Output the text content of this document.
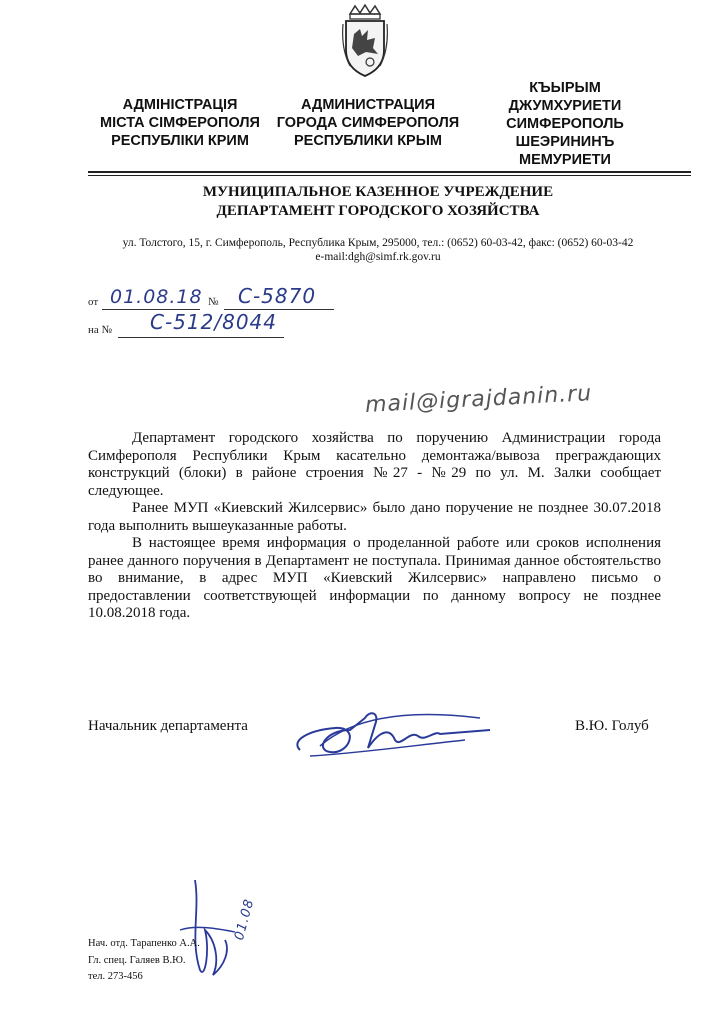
АДМІНІСТРАЦІЯ
МІСТА СІМФЕРОПОЛЯ
РЕСПУБЛІКИ КРИМ
АДМИНИСТРАЦИЯ
ГОРОДА СИМФЕРОПОЛЯ
РЕСПУБЛИКИ КРЫМ
КЪЫРЫМ
ДЖУМХУРИЕТИ
СИМФЕРОПОЛЬ
ШЕЭРИНИНЪ
МЕМУРИЕТИ
МУНИЦИПАЛЬНОЕ КАЗЕННОЕ УЧРЕЖДЕНИЕ
ДЕПАРТАМЕНТ ГОРОДСКОГО ХОЗЯЙСТВА
ул. Толстого, 15, г. Симферополь, Республика Крым, 295000, тел.: (0652) 60-03-42, факс: (0652) 60-03-42
e-mail:dgh@simf.rk.gov.ru
от 01.08.18 № С-5870
на № С-512/8044
mail@igrajdanin.ru

Департамент городского хозяйства по поручению Администрации города Симферополя Республики Крым касательно демонтажа/вывоза преграждающих конструкций (блоки) в районе строения №27 - №29 по ул. М. Залки сообщает следующее.

Ранее МУП «Киевский Жилсервис» было дано поручение не позднее 30.07.2018 года выполнить вышеуказанные работы.

В настоящее время информация о проделанной работе или сроков исполнения ранее данного поручения в Департамент не поступала. Принимая данное обстоятельство во внимание, в адрес МУП «Киевский Жилсервис» направлено письмо о предоставлении соответствующей информации по данному вопросу не позднее 10.08.2018 года.

Начальник департамента	В.Ю. Голуб
01.08
Нач. отд. Тарапенко А.А.
Гл. спец. Галяев В.Ю.
тел. 273-456
